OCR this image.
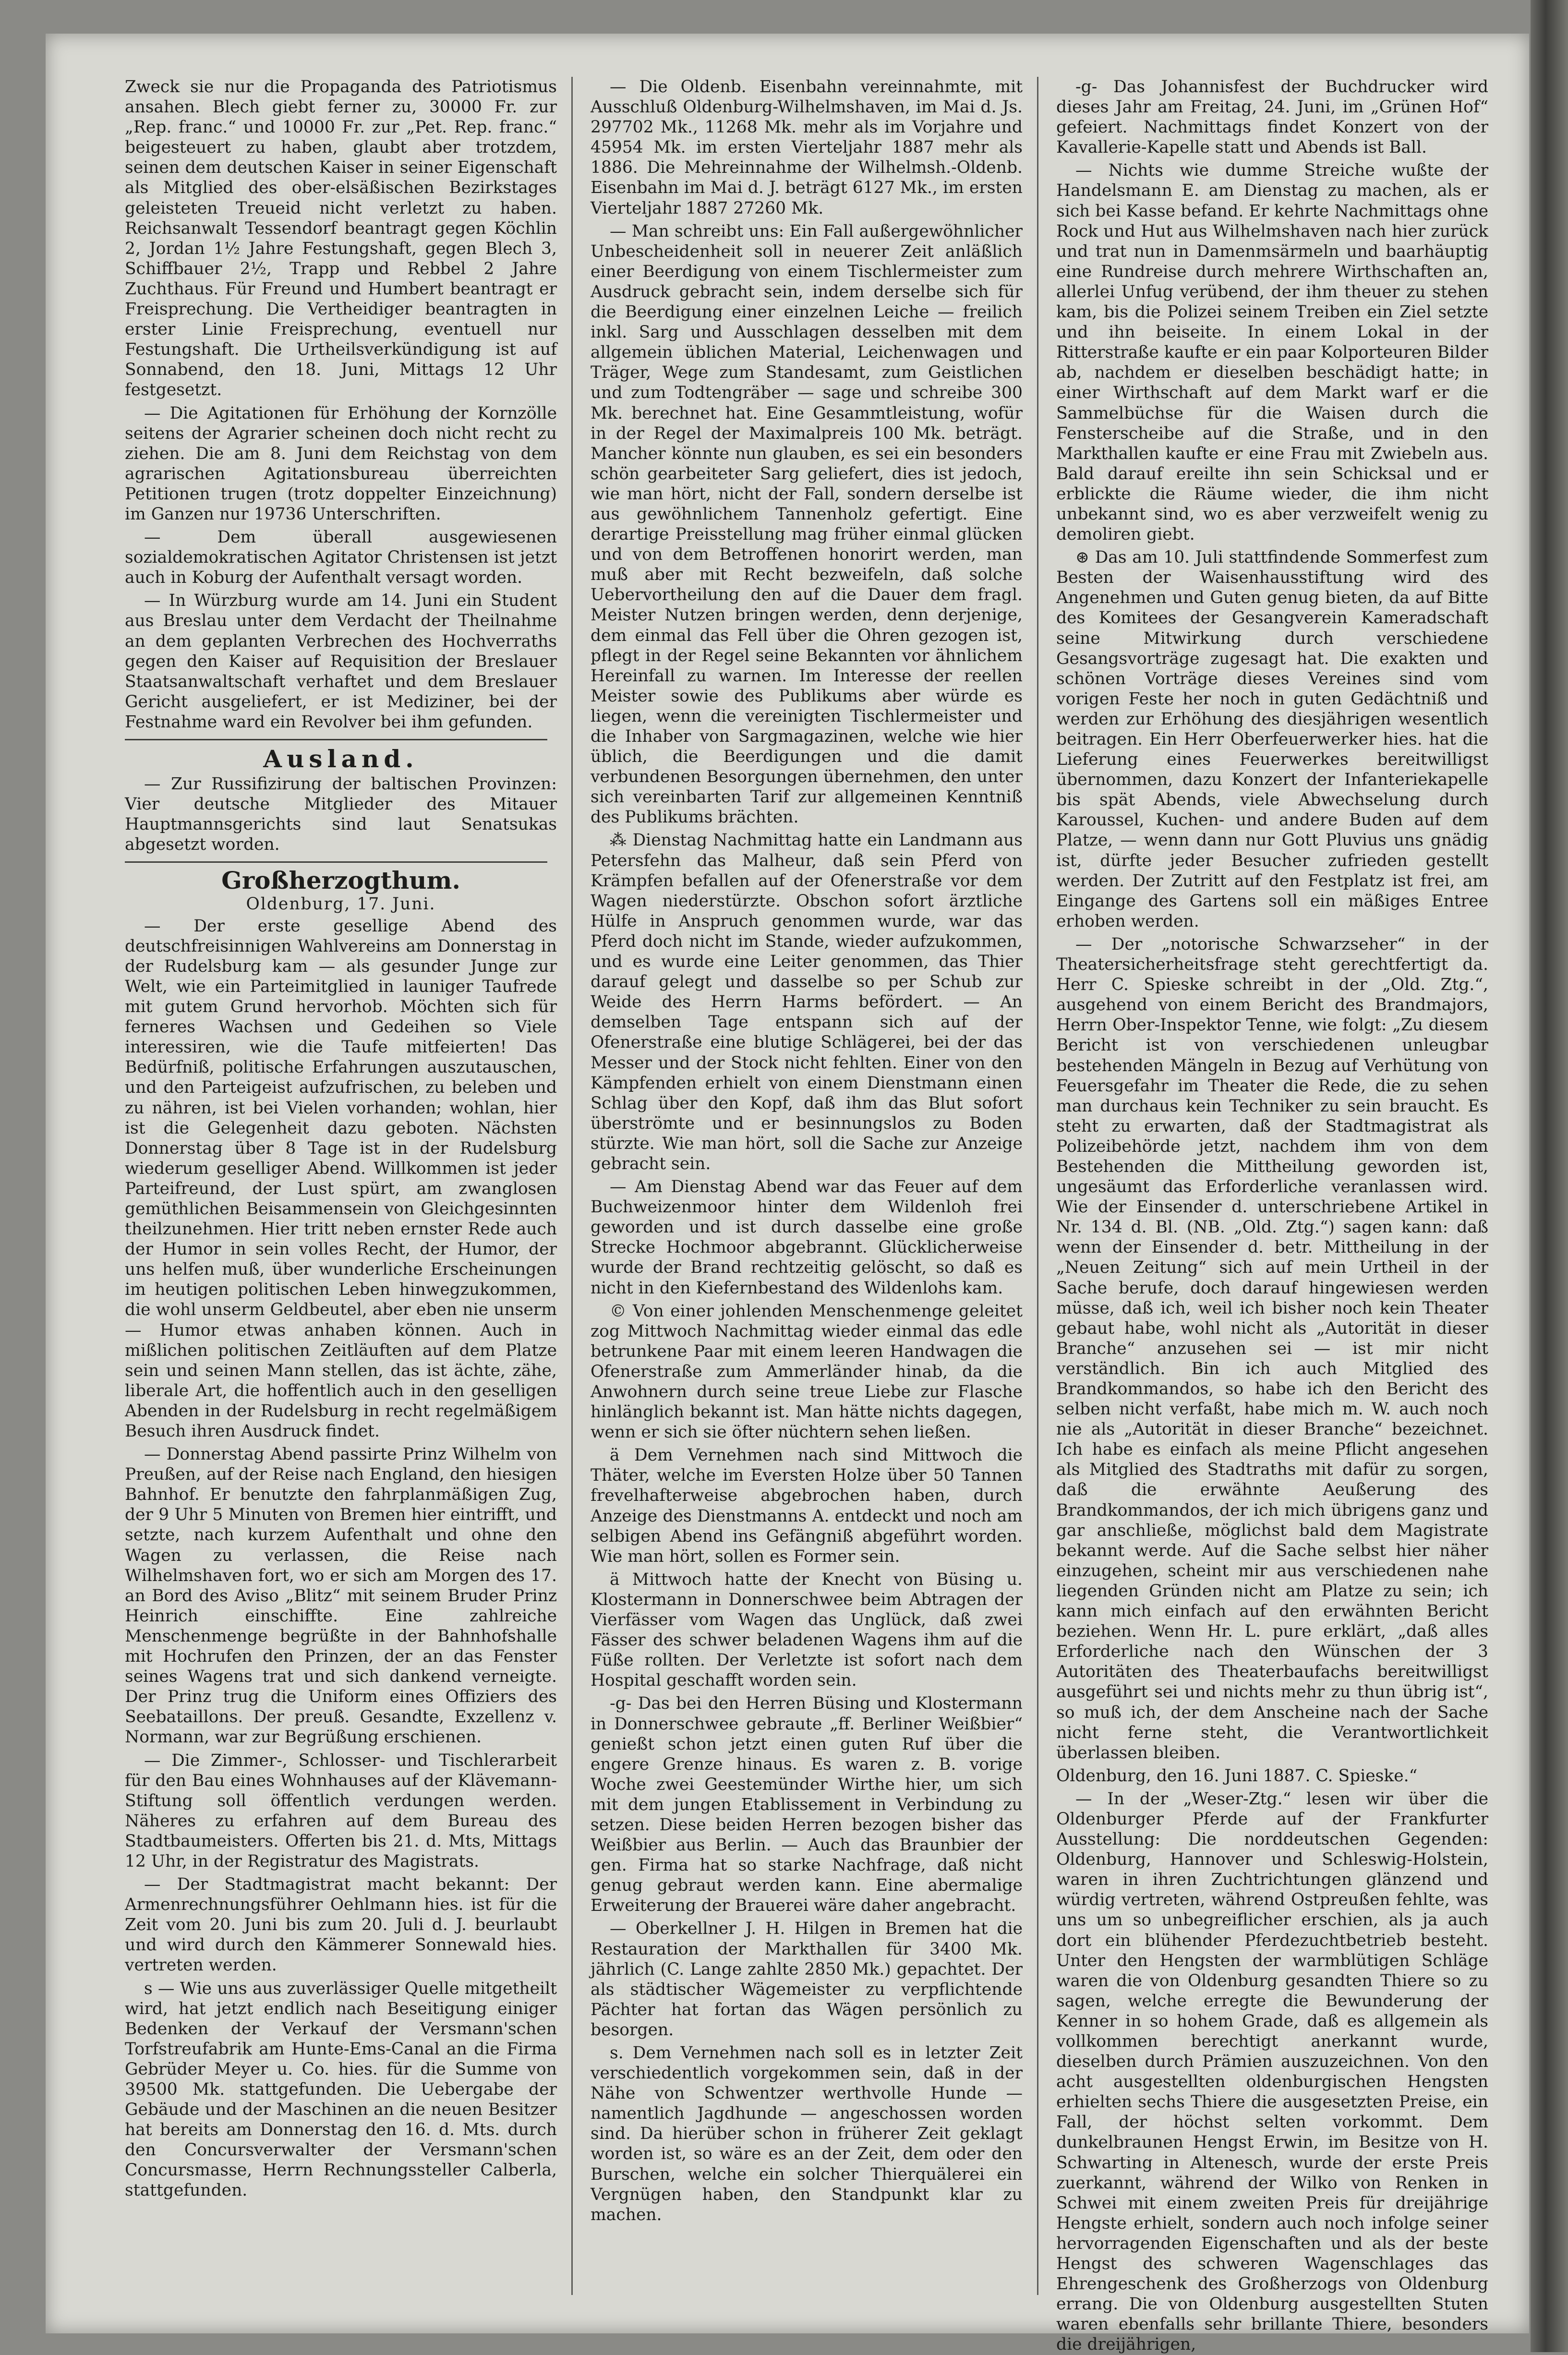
Zweck sie nur die Propaganda des Patriotismus ansahen. Blech giebt ferner zu, 30000 Fr. zur „Rep. franc.“ und 10000 Fr. zur „Pet. Rep. franc.“ beigesteuert zu haben, glaubt aber trotzdem, seinen dem deutschen Kaiser in seiner Eigenschaft als Mitglied des ober-elsäßischen Bezirkstages geleisteten Treueid nicht verletzt zu haben. Reichsanwalt Tessendorf beantragt gegen Köchlin 2, Jordan 1½ Jahre Festungshaft, gegen Blech 3, Schiffbauer 2½, Trapp und Rebbel 2 Jahre Zuchthaus. Für Freund und Humbert beantragt er Freisprechung. Die Vertheidiger beantragten in erster Linie Freisprechung, eventuell nur Festungshaft. Die Urtheilsverkündigung ist auf Sonnabend, den 18. Juni, Mittags 12 Uhr festgesetzt.

— Die Agitationen für Erhöhung der Kornzölle seitens der Agrarier scheinen doch nicht recht zu ziehen. Die am 8. Juni dem Reichstag von dem agrarischen Agitationsbureau überreichten Petitionen trugen (trotz doppelter Einzeichnung) im Ganzen nur 19736 Unterschriften.

— Dem überall ausgewiesenen sozialdemokratischen Agitator Christensen ist jetzt auch in Koburg der Aufenthalt versagt worden.

— In Würzburg wurde am 14. Juni ein Student aus Breslau unter dem Verdacht der Theilnahme an dem geplanten Verbrechen des Hochverraths gegen den Kaiser auf Requisition der Breslauer Staatsanwaltschaft verhaftet und dem Breslauer Gericht ausgeliefert, er ist Mediziner, bei der Festnahme ward ein Revolver bei ihm gefunden.

Ausland.

— Zur Russifizirung der baltischen Provinzen: Vier deutsche Mitglieder des Mitauer Hauptmannsgerichts sind laut Senatsukas abgesetzt worden.

Großherzogthum.
Oldenburg, 17. Juni.

— Der erste gesellige Abend des deutschfreisinnigen Wahlvereins am Donnerstag in der Rudelsburg kam — als gesunder Junge zur Welt, wie ein Parteimitglied in launiger Taufrede mit gutem Grund hervorhob. Möchten sich für ferneres Wachsen und Gedeihen so Viele interessiren, wie die Taufe mitfeierten! Das Bedürfniß, politische Erfahrungen auszutauschen, und den Parteigeist aufzufrischen, zu beleben und zu nähren, ist bei Vielen vorhanden; wohlan, hier ist die Gelegenheit dazu geboten. Nächsten Donnerstag über 8 Tage ist in der Rudelsburg wiederum geselliger Abend. Willkommen ist jeder Parteifreund, der Lust spürt, am zwanglosen gemüthlichen Beisammensein von Gleichgesinnten theilzunehmen. Hier tritt neben ernster Rede auch der Humor in sein volles Recht, der Humor, der uns helfen muß, über wunderliche Erscheinungen im heutigen politischen Leben hinwegzukommen, die wohl unserm Geldbeutel, aber eben nie unserm — Humor etwas anhaben können. Auch in mißlichen politischen Zeitläuften auf dem Platze sein und seinen Mann stellen, das ist ächte, zähe, liberale Art, die hoffentlich auch in den geselligen Abenden in der Rudelsburg in recht regelmäßigem Besuch ihren Ausdruck findet.

— Donnerstag Abend passirte Prinz Wilhelm von Preußen, auf der Reise nach England, den hiesigen Bahnhof. Er benutzte den fahrplanmäßigen Zug, der 9 Uhr 5 Minuten von Bremen hier eintrifft, und setzte, nach kurzem Aufenthalt und ohne den Wagen zu verlassen, die Reise nach Wilhelmshaven fort, wo er sich am Morgen des 17. an Bord des Aviso „Blitz“ mit seinem Bruder Prinz Heinrich einschiffte. Eine zahlreiche Menschenmenge begrüßte in der Bahnhofshalle mit Hochrufen den Prinzen, der an das Fenster seines Wagens trat und sich dankend verneigte. Der Prinz trug die Uniform eines Offiziers des Seebataillons. Der preuß. Gesandte, Exzellenz v. Normann, war zur Begrüßung erschienen.

— Die Zimmer-, Schlosser- und Tischlerarbeit für den Bau eines Wohnhauses auf der Klävemann-Stiftung soll öffentlich verdungen werden. Näheres zu erfahren auf dem Bureau des Stadtbaumeisters. Offerten bis 21. d. Mts, Mittags 12 Uhr, in der Registratur des Magistrats.

— Der Stadtmagistrat macht bekannt: Der Armenrechnungsführer Oehlmann hies. ist für die Zeit vom 20. Juni bis zum 20. Juli d. J. beurlaubt und wird durch den Kämmerer Sonnewald hies. vertreten werden.

s — Wie uns aus zuverlässiger Quelle mitgetheilt wird, hat jetzt endlich nach Beseitigung einiger Bedenken der Verkauf der Versmann'schen Torfstreufabrik am Hunte-Ems-Canal an die Firma Gebrüder Meyer u. Co. hies. für die Summe von 39500 Mk. stattgefunden. Die Uebergabe der Gebäude und der Maschinen an die neuen Besitzer hat bereits am Donnerstag den 16. d. Mts. durch den Concursverwalter der Versmann'schen Concursmasse, Herrn Rechnungssteller Calberla, stattgefunden.

— Die Oldenb. Eisenbahn vereinnahmte, mit Ausschluß Oldenburg-Wilhelmshaven, im Mai d. Js. 297702 Mk., 11268 Mk. mehr als im Vorjahre und 45954 Mk. im ersten Vierteljahr 1887 mehr als 1886. Die Mehreinnahme der Wilhelmsh.-Oldenb. Eisenbahn im Mai d. J. beträgt 6127 Mk., im ersten Vierteljahr 1887 27260 Mk.

— Man schreibt uns: Ein Fall außergewöhnlicher Unbescheidenheit soll in neuerer Zeit anläßlich einer Beerdigung von einem Tischlermeister zum Ausdruck gebracht sein, indem derselbe sich für die Beerdigung einer einzelnen Leiche — freilich inkl. Sarg und Ausschlagen desselben mit dem allgemein üblichen Material, Leichenwagen und Träger, Wege zum Standesamt, zum Geistlichen und zum Todtengräber — sage und schreibe 300 Mk. berechnet hat. Eine Gesammtleistung, wofür in der Regel der Maximalpreis 100 Mk. beträgt. Mancher könnte nun glauben, es sei ein besonders schön gearbeiteter Sarg geliefert, dies ist jedoch, wie man hört, nicht der Fall, sondern derselbe ist aus gewöhnlichem Tannenholz gefertigt. Eine derartige Preisstellung mag früher einmal glücken und von dem Betroffenen honorirt werden, man muß aber mit Recht bezweifeln, daß solche Uebervortheilung den auf die Dauer dem fragl. Meister Nutzen bringen werden, denn derjenige, dem einmal das Fell über die Ohren gezogen ist, pflegt in der Regel seine Bekannten vor ähnlichem Hereinfall zu warnen. Im Interesse der reellen Meister sowie des Publikums aber würde es liegen, wenn die vereinigten Tischlermeister und die Inhaber von Sargmagazinen, welche wie hier üblich, die Beerdigungen und die damit verbundenen Besorgungen übernehmen, den unter sich vereinbarten Tarif zur allgemeinen Kenntniß des Publikums brächten.

⁂ Dienstag Nachmittag hatte ein Landmann aus Petersfehn das Malheur, daß sein Pferd von Krämpfen befallen auf der Ofenerstraße vor dem Wagen niederstürzte. Obschon sofort ärztliche Hülfe in Anspruch genommen wurde, war das Pferd doch nicht im Stande, wieder aufzukommen, und es wurde eine Leiter genommen, das Thier darauf gelegt und dasselbe so per Schub zur Weide des Herrn Harms befördert. — An demselben Tage entspann sich auf der Ofenerstraße eine blutige Schlägerei, bei der das Messer und der Stock nicht fehlten. Einer von den Kämpfenden erhielt von einem Dienstmann einen Schlag über den Kopf, daß ihm das Blut sofort überströmte und er besinnungslos zu Boden stürzte. Wie man hört, soll die Sache zur Anzeige gebracht sein.

— Am Dienstag Abend war das Feuer auf dem Buchweizenmoor hinter dem Wildenloh frei geworden und ist durch dasselbe eine große Strecke Hochmoor abgebrannt. Glücklicherweise wurde der Brand rechtzeitig gelöscht, so daß es nicht in den Kiefernbestand des Wildenlohs kam.

© Von einer johlenden Menschenmenge geleitet zog Mittwoch Nachmittag wieder einmal das edle betrunkene Paar mit einem leeren Handwagen die Ofenerstraße zum Ammerländer hinab, da die Anwohnern durch seine treue Liebe zur Flasche hinlänglich bekannt ist. Man hätte nichts dagegen, wenn er sich sie öfter nüchtern sehen ließen.

ä Dem Vernehmen nach sind Mittwoch die Thäter, welche im Eversten Holze über 50 Tannen frevelhafterweise abgebrochen haben, durch Anzeige des Dienstmanns A. entdeckt und noch am selbigen Abend ins Gefängniß abgeführt worden. Wie man hört, sollen es Former sein.

ä Mittwoch hatte der Knecht von Büsing u. Klostermann in Donnerschwee beim Abtragen der Vierfässer vom Wagen das Unglück, daß zwei Fässer des schwer beladenen Wagens ihm auf die Füße rollten. Der Verletzte ist sofort nach dem Hospital geschafft worden sein.

-g- Das bei den Herren Büsing und Klostermann in Donnerschwee gebraute „ff. Berliner Weißbier“ genießt schon jetzt einen guten Ruf über die engere Grenze hinaus. Es waren z. B. vorige Woche zwei Geestemünder Wirthe hier, um sich mit dem jungen Etablissement in Verbindung zu setzen. Diese beiden Herren bezogen bisher das Weißbier aus Berlin. — Auch das Braunbier der gen. Firma hat so starke Nachfrage, daß nicht genug gebraut werden kann. Eine abermalige Erweiterung der Brauerei wäre daher angebracht.

— Oberkellner J. H. Hilgen in Bremen hat die Restauration der Markthallen für 3400 Mk. jährlich (C. Lange zahlte 2850 Mk.) gepachtet. Der als städtischer Wägemeister zu verpflichtende Pächter hat fortan das Wägen persönlich zu besorgen.

s. Dem Vernehmen nach soll es in letzter Zeit verschiedentlich vorgekommen sein, daß in der Nähe von Schwentzer werthvolle Hunde — namentlich Jagdhunde — angeschossen worden sind. Da hierüber schon in früherer Zeit geklagt worden ist, so wäre es an der Zeit, dem oder den Burschen, welche ein solcher Thierquälerei ein Vergnügen haben, den Standpunkt klar zu machen.

-g- Das Johannisfest der Buchdrucker wird dieses Jahr am Freitag, 24. Juni, im „Grünen Hof“ gefeiert. Nachmittags findet Konzert von der Kavallerie-Kapelle statt und Abends ist Ball.

— Nichts wie dumme Streiche wußte der Handelsmann E. am Dienstag zu machen, als er sich bei Kasse befand. Er kehrte Nachmittags ohne Rock und Hut aus Wilhelmshaven nach hier zurück und trat nun in Damenmsärmeln und baarhäuptig eine Rundreise durch mehrere Wirthschaften an, allerlei Unfug verübend, der ihm theuer zu stehen kam, bis die Polizei seinem Treiben ein Ziel setzte und ihn beiseite. In einem Lokal in der Ritterstraße kaufte er ein paar Kolporteuren Bilder ab, nachdem er dieselben beschädigt hatte; in einer Wirthschaft auf dem Markt warf er die Sammelbüchse für die Waisen durch die Fensterscheibe auf die Straße, und in den Markthallen kaufte er eine Frau mit Zwiebeln aus. Bald darauf ereilte ihn sein Schicksal und er erblickte die Räume wieder, die ihm nicht unbekannt sind, wo es aber verzweifelt wenig zu demoliren giebt.

⊛ Das am 10. Juli stattfindende Sommerfest zum Besten der Waisenhausstiftung wird des Angenehmen und Guten genug bieten, da auf Bitte des Komitees der Gesangverein Kameradschaft seine Mitwirkung durch verschiedene Gesangsvorträge zugesagt hat. Die exakten und schönen Vorträge dieses Vereines sind vom vorigen Feste her noch in guten Gedächtniß und werden zur Erhöhung des diesjährigen wesentlich beitragen. Ein Herr Oberfeuerwerker hies. hat die Lieferung eines Feuerwerkes bereitwilligst übernommen, dazu Konzert der Infanteriekapelle bis spät Abends, viele Abwechselung durch Karoussel, Kuchen- und andere Buden auf dem Platze, — wenn dann nur Gott Pluvius uns gnädig ist, dürfte jeder Besucher zufrieden gestellt werden. Der Zutritt auf den Festplatz ist frei, am Eingange des Gartens soll ein mäßiges Entree erhoben werden.

— Der „notorische Schwarzseher“ in der Theatersicherheitsfrage steht gerechtfertigt da. Herr C. Spieske schreibt in der „Old. Ztg.“, ausgehend von einem Bericht des Brandmajors, Herrn Ober-Inspektor Tenne, wie folgt: „Zu diesem Bericht ist von verschiedenen unleugbar bestehenden Mängeln in Bezug auf Verhütung von Feuersgefahr im Theater die Rede, die zu sehen man durchaus kein Techniker zu sein braucht. Es steht zu erwarten, daß der Stadtmagistrat als Polizeibehörde jetzt, nachdem ihm von dem Bestehenden die Mittheilung geworden ist, ungesäumt das Erforderliche veranlassen wird. Wie der Einsender d. unterschriebene Artikel in Nr. 134 d. Bl. (NB. „Old. Ztg.“) sagen kann: daß wenn der Einsender d. betr. Mittheilung in der „Neuen Zeitung“ sich auf mein Urtheil in der Sache berufe, doch darauf hingewiesen werden müsse, daß ich, weil ich bisher noch kein Theater gebaut habe, wohl nicht als „Autorität in dieser Branche“ anzusehen sei — ist mir nicht verständlich. Bin ich auch Mitglied des Brandkommandos, so habe ich den Bericht des selben nicht verfaßt, habe mich m. W. auch noch nie als „Autorität in dieser Branche“ bezeichnet. Ich habe es einfach als meine Pflicht angesehen als Mitglied des Stadtraths mit dafür zu sorgen, daß die erwähnte Aeußerung des Brandkommandos, der ich mich übrigens ganz und gar anschließe, möglichst bald dem Magistrate bekannt werde. Auf die Sache selbst hier näher einzugehen, scheint mir aus verschiedenen nahe liegenden Gründen nicht am Platze zu sein; ich kann mich einfach auf den erwähnten Bericht beziehen. Wenn Hr. L. pure erklärt, „daß alles Erforderliche nach den Wünschen der 3 Autoritäten des Theaterbaufachs bereitwilligst ausgeführt sei und nichts mehr zu thun übrig ist“, so muß ich, der dem Anscheine nach der Sache nicht ferne steht, die Verantwortlichkeit überlassen bleiben.

Oldenburg, den 16. Juni 1887. C. Spieske.“

— In der „Weser-Ztg.“ lesen wir über die Oldenburger Pferde auf der Frankfurter Ausstellung: Die norddeutschen Gegenden: Oldenburg, Hannover und Schleswig-Holstein, waren in ihren Zuchtrichtungen glänzend und würdig vertreten, während Ostpreußen fehlte, was uns um so unbegreiflicher erschien, als ja auch dort ein blühender Pferdezuchtbetrieb besteht. Unter den Hengsten der warmblütigen Schläge waren die von Oldenburg gesandten Thiere so zu sagen, welche erregte die Bewunderung der Kenner in so hohem Grade, daß es allgemein als vollkommen berechtigt anerkannt wurde, dieselben durch Prämien auszuzeichnen. Von den acht ausgestellten oldenburgischen Hengsten erhielten sechs Thiere die ausgesetzten Preise, ein Fall, der höchst selten vorkommt. Dem dunkelbraunen Hengst Erwin, im Besitze von H. Schwarting in Altenesch, wurde der erste Preis zuerkannt, während der Wilko von Renken in Schwei mit einem zweiten Preis für dreijährige Hengste erhielt, sondern auch noch infolge seiner hervorragenden Eigenschaften und als der beste Hengst des schweren Wagenschlages das Ehrengeschenk des Großherzogs von Oldenburg errang. Die von Oldenburg ausgestellten Stuten waren ebenfalls sehr brillante Thiere, besonders die dreijährigen,
